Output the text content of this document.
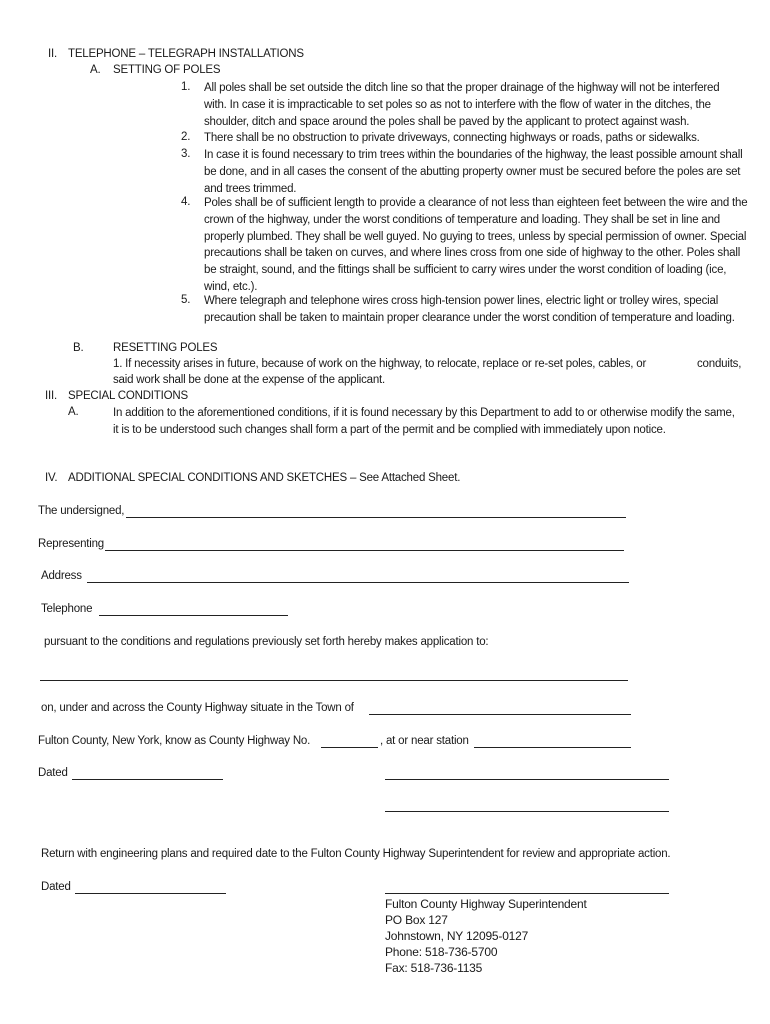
II. TELEPHONE – TELEGRAPH INSTALLATIONS
A. SETTING OF POLES
1. All poles shall be set outside the ditch line so that the proper drainage of the highway will not be interfered with. In case it is impracticable to set poles so as not to interfere with the flow of water in the ditches, the shoulder, ditch and space around the poles shall be paved by the applicant to protect against wash.
2. There shall be no obstruction to private driveways, connecting highways or roads, paths or sidewalks.
3. In case it is found necessary to trim trees within the boundaries of the highway, the least possible amount shall be done, and in all cases the consent of the abutting property owner must be secured before the poles are set and trees trimmed.
4. Poles shall be of sufficient length to provide a clearance of not less than eighteen feet between the wire and the crown of the highway, under the worst conditions of temperature and loading. They shall be set in line and properly plumbed. They shall be well guyed. No guying to trees, unless by special permission of owner. Special precautions shall be taken on curves, and where lines cross from one side of highway to the other. Poles shall be straight, sound, and the fittings shall be sufficient to carry wires under the worst condition of loading (ice, wind, etc.).
5. Where telegraph and telephone wires cross high-tension power lines, electric light or trolley wires, special precaution shall be taken to maintain proper clearance under the worst condition of temperature and loading.
B.	RESETTING POLES
1. If necessity arises in future, because of work on the highway, to relocate, replace or re-set poles, cables, or	conduits,
said work shall be done at the expense of the applicant.
III. SPECIAL CONDITIONS
A.	In addition to the aforementioned conditions, if it is found necessary by this Department to add to or otherwise modify the same, it is to be understood such changes shall form a part of the permit and be complied with immediately upon notice.
IV. ADDITIONAL SPECIAL CONDITIONS AND SKETCHES – See Attached Sheet.
The undersigned,
Representing
Address
Telephone
pursuant to the conditions and regulations previously set forth hereby makes application to:
on, under and across the County Highway situate in the Town of
Fulton County, New York, know as County Highway No.	, at or near station
Dated
Return with engineering plans and required date to the Fulton County Highway Superintendent for review and appropriate action.
Dated
Fulton County Highway Superintendent
PO Box 127
Johnstown, NY 12095-0127
Phone: 518-736-5700
Fax: 518-736-1135
